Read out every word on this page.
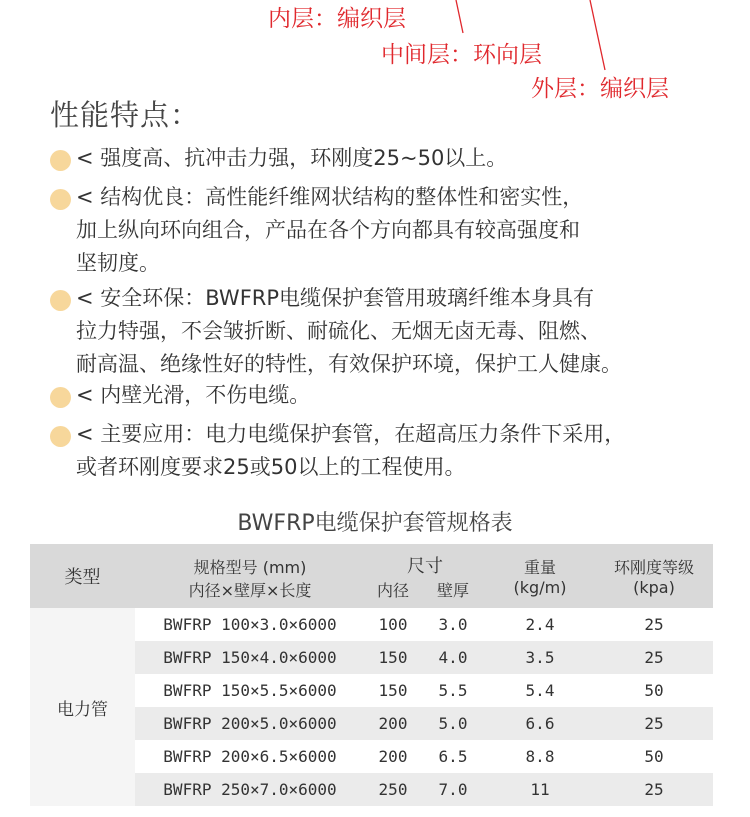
内层：编织层
中间层：环向层
外层：编织层
性能特点：
< 强度高、抗冲击力强，环刚度25~50以上。
< 结构优良：高性能纤维网状结构的整体性和密实性，
加上纵向环向组合，产品在各个方向都具有较高强度和
坚韧度。
< 安全环保：BWFRP电缆保护套管用玻璃纤维本身具有
拉力特强，不会皱折断、耐硫化、无烟无卤无毒、阻燃、
耐高温、绝缘性好的特性，有效保护环境，保护工人健康。
< 内壁光滑，不伤电缆。
< 主要应用：电力电缆保护套管，在超高压力条件下采用，
或者环刚度要求25或50以上的工程使用。
BWFRP电缆保护套管规格表
类型	规格型号 (mm)	尺寸		重量	环刚度等级
	内径×壁厚×长度	内径	壁厚	(kg/m)	(kpa)
电力管	BWFRP 100×3.0×6000	100	3.0	2.4	25
	BWFRP 150×4.0×6000	150	4.0	3.5	25
	BWFRP 150×5.5×6000	150	5.5	5.4	50
	BWFRP 200×5.0×6000	200	5.0	6.6	25
	BWFRP 200×6.5×6000	200	6.5	8.8	50
	BWFRP 250×7.0×6000	250	7.0	11	25
